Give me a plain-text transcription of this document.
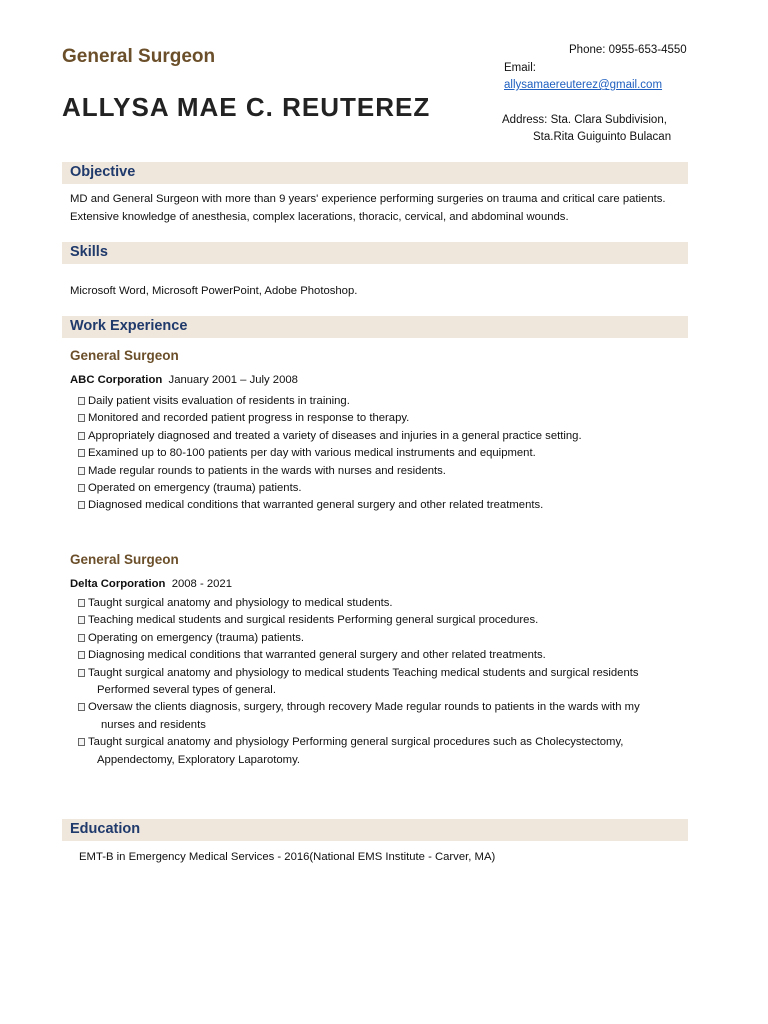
General Surgeon
ALLYSA MAE C. REUTEREZ
Phone: 0955-653-4550
Email:
allysamaereuterez@gmail.com
Address: Sta. Clara Subdivision,
Sta.Rita Guiguinto Bulacan
Objective
MD and General Surgeon with more than 9 years' experience performing surgeries on trauma and critical care patients.
Extensive knowledge of anesthesia, complex lacerations, thoracic, cervical, and abdominal wounds.
Skills
Microsoft Word, Microsoft PowerPoint, Adobe Photoshop.
Work Experience
General Surgeon
ABC Corporation January 2001 – July 2008
Daily patient visits evaluation of residents in training.
Monitored and recorded patient progress in response to therapy.
Appropriately diagnosed and treated a variety of diseases and injuries in a general practice setting.
Examined up to 80-100 patients per day with various medical instruments and equipment.
Made regular rounds to patients in the wards with nurses and residents.
Operated on emergency (trauma) patients.
Diagnosed medical conditions that warranted general surgery and other related treatments.
General Surgeon
Delta Corporation 2008 - 2021
Taught surgical anatomy and physiology to medical students.
Teaching medical students and surgical residents Performing general surgical procedures.
Operating on emergency (trauma) patients.
Diagnosing medical conditions that warranted general surgery and other related treatments.
Taught surgical anatomy and physiology to medical students Teaching medical students and surgical residents
Performed several types of general.
Oversaw the clients diagnosis, surgery, through recovery Made regular rounds to patients in the wards with my
nurses and residents
Taught surgical anatomy and physiology Performing general surgical procedures such as Cholecystectomy,
Appendectomy, Exploratory Laparotomy.
Education
EMT-B in Emergency Medical Services - 2016(National EMS Institute - Carver, MA)
